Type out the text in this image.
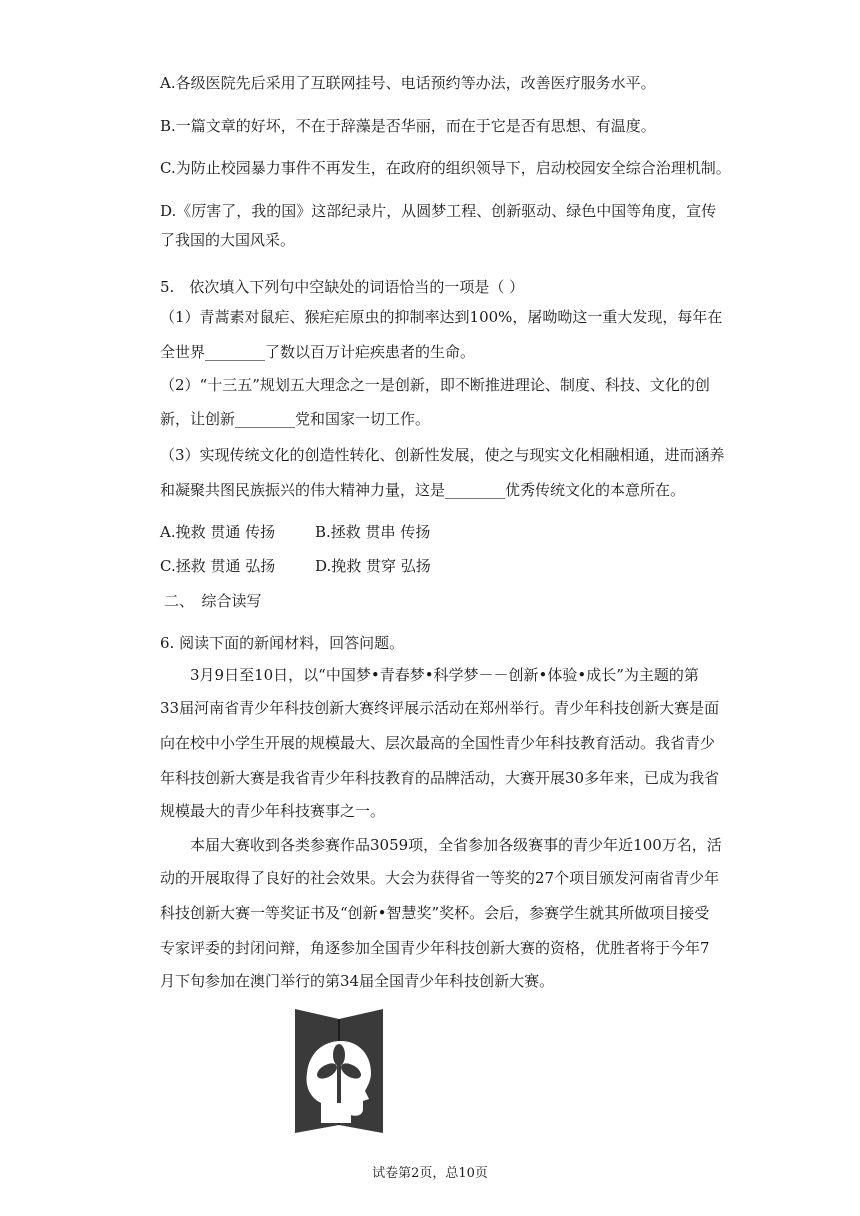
A.各级医院先后采用了互联网挂号、电话预约等办法，改善医疗服务水平。
B.一篇文章的好坏，不在于辞藻是否华丽，而在于它是否有思想、有温度。
C.为防止校园暴力事件不再发生，在政府的组织领导下，启动校园安全综合治理机制。
D.《厉害了，我的国》这部纪录片，从圆梦工程、创新驱动、绿色中国等角度，宣传
了我国的大国风采。
5.　依次填入下列句中空缺处的词语恰当的一项是（ ）
（1）青蒿素对鼠疟、猴疟疟原虫的抑制率达到100%，屠呦呦这一重大发现，每年在
全世界________了数以百万计疟疾患者的生命。
（2）“十三五”规划五大理念之一是创新，即不断推进理论、制度、科技、文化的创
新，让创新________党和国家一切工作。
（3）实现传统文化的创造性转化、创新性发展，使之与现实文化相融相通，进而涵养
和凝聚共图民族振兴的伟大精神力量，这是________优秀传统文化的本意所在。
A.挽救 贯通 传扬	B.拯救 贯串 传扬
C.拯救 贯通 弘扬	D.挽救 贯穿 弘扬
二、　综合读写
6. 阅读下面的新闻材料，回答问题。
3月9日至10日，以“中国梦•青春梦•科学梦－－创新•体验•成长”为主题的第
33届河南省青少年科技创新大赛终评展示活动在郑州举行。青少年科技创新大赛是面
向在校中小学生开展的规模最大、层次最高的全国性青少年科技教育活动。我省青少
年科技创新大赛是我省青少年科技教育的品牌活动，大赛开展30多年来，已成为我省
规模最大的青少年科技赛事之一。
本届大赛收到各类参赛作品3059项，全省参加各级赛事的青少年近100万名，活
动的开展取得了良好的社会效果。大会为获得省一等奖的27个项目颁发河南省青少年
科技创新大赛一等奖证书及“创新•智慧奖”奖杯。会后，参赛学生就其所做项目接受
专家评委的封闭问辩，角逐参加全国青少年科技创新大赛的资格，优胜者将于今年7
月下旬参加在澳门举行的第34届全国青少年科技创新大赛。
试卷第2页，总10页
